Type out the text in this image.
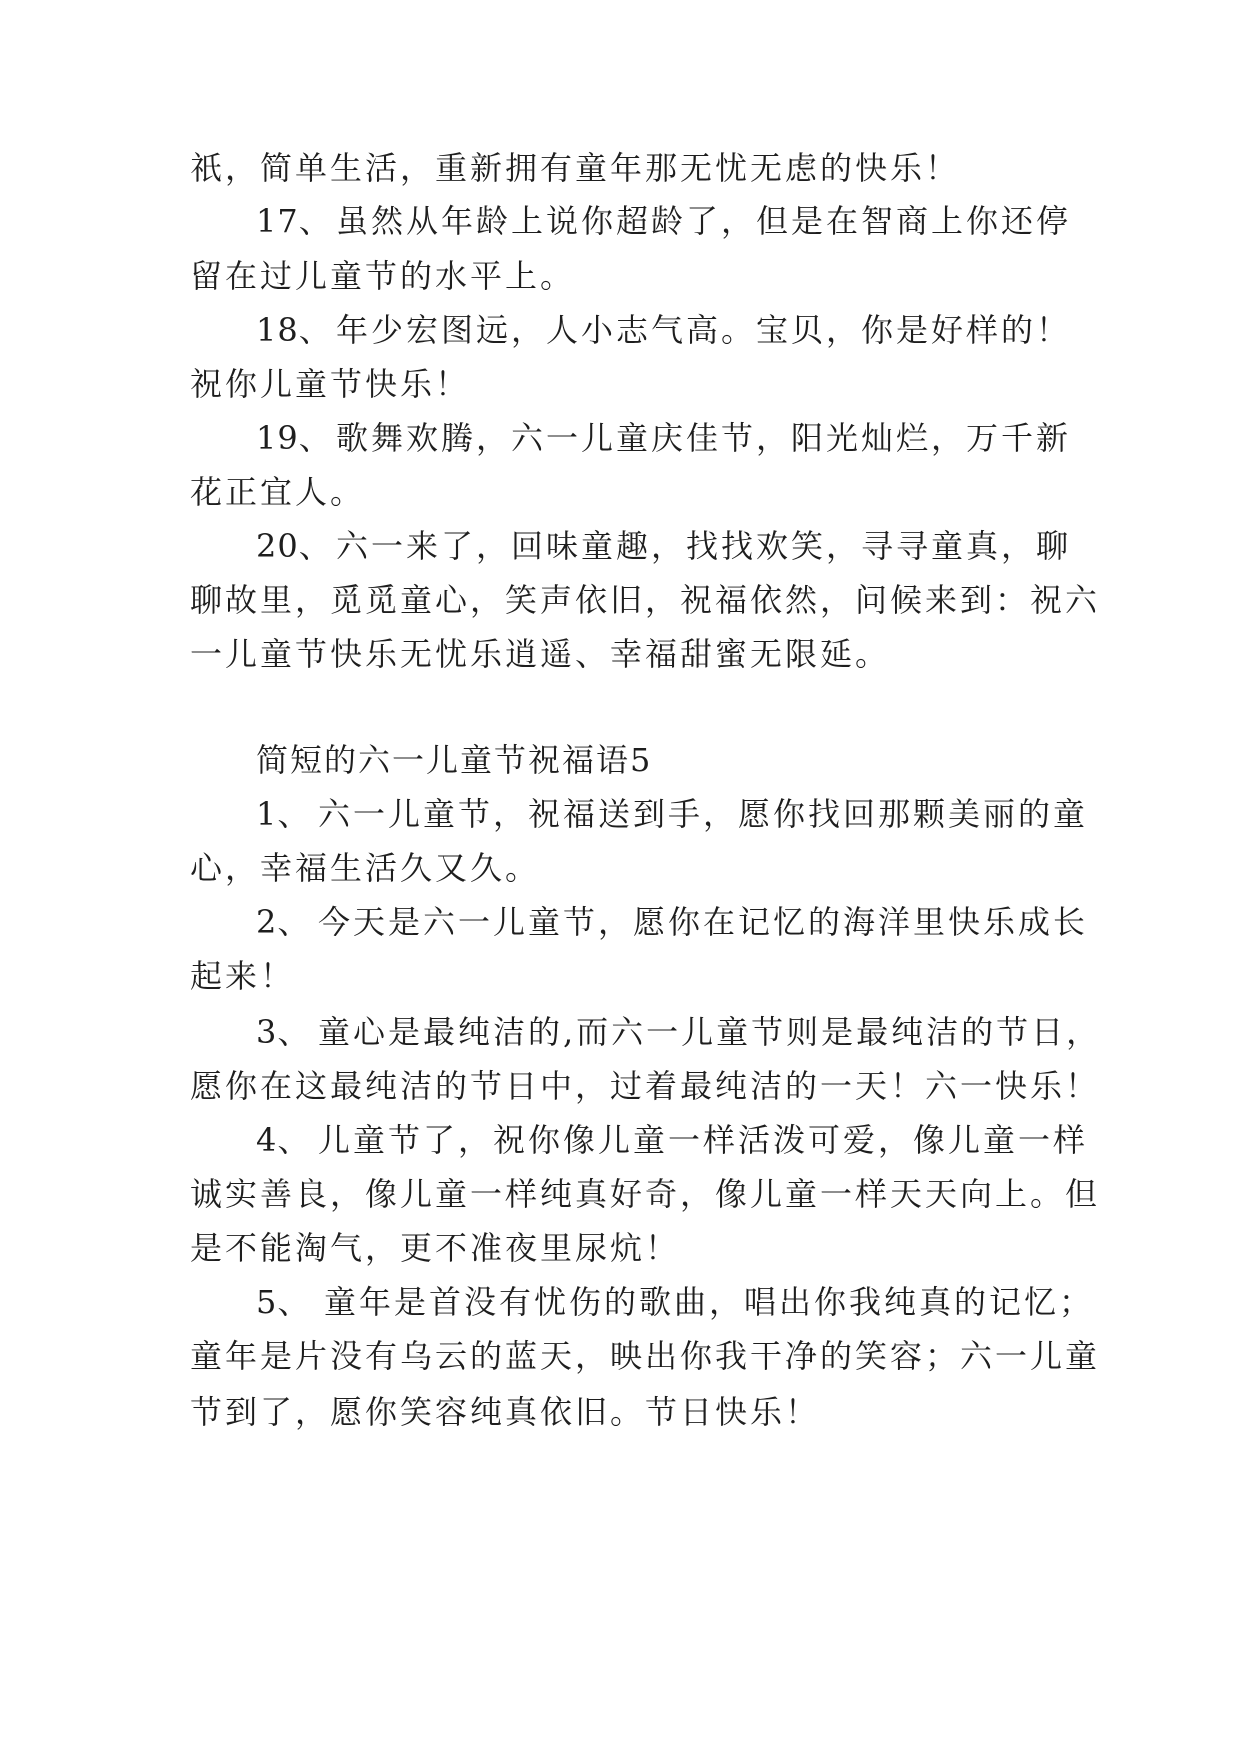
祇，简单生活，重新拥有童年那无忧无虑的快乐！
17、 虽然从年龄上说你超龄了，但是在智商上你还停
留在过儿童节的水平上。
18、 年少宏图远，人小志气高。宝贝，你是好样的！
祝你儿童节快乐！
19、 歌舞欢腾，六一儿童庆佳节，阳光灿烂，万千新
花正宜人。
20、 六一来了，回味童趣，找找欢笑，寻寻童真，聊
聊故里，觅觅童心，笑声依旧，祝福依然，问候来到：祝六
一儿童节快乐无忧乐逍遥、幸福甜蜜无限延。
简短的六一儿童节祝福语5
1、 六一儿童节，祝福送到手，愿你找回那颗美丽的童
心，幸福生活久又久。
2、 今天是六一儿童节，愿你在记忆的海洋里快乐成长
起来！
3、 童心是最纯洁的,而六一儿童节则是最纯洁的节日，
愿你在这最纯洁的节日中，过着最纯洁的一天！六一快乐！
4、 儿童节了，祝你像儿童一样活泼可爱，像儿童一样
诚实善良，像儿童一样纯真好奇，像儿童一样天天向上。但
是不能淘气，更不准夜里尿炕！
5、 童年是首没有忧伤的歌曲，唱出你我纯真的记忆；
童年是片没有乌云的蓝天，映出你我干净的笑容；六一儿童
节到了，愿你笑容纯真依旧。节日快乐！
